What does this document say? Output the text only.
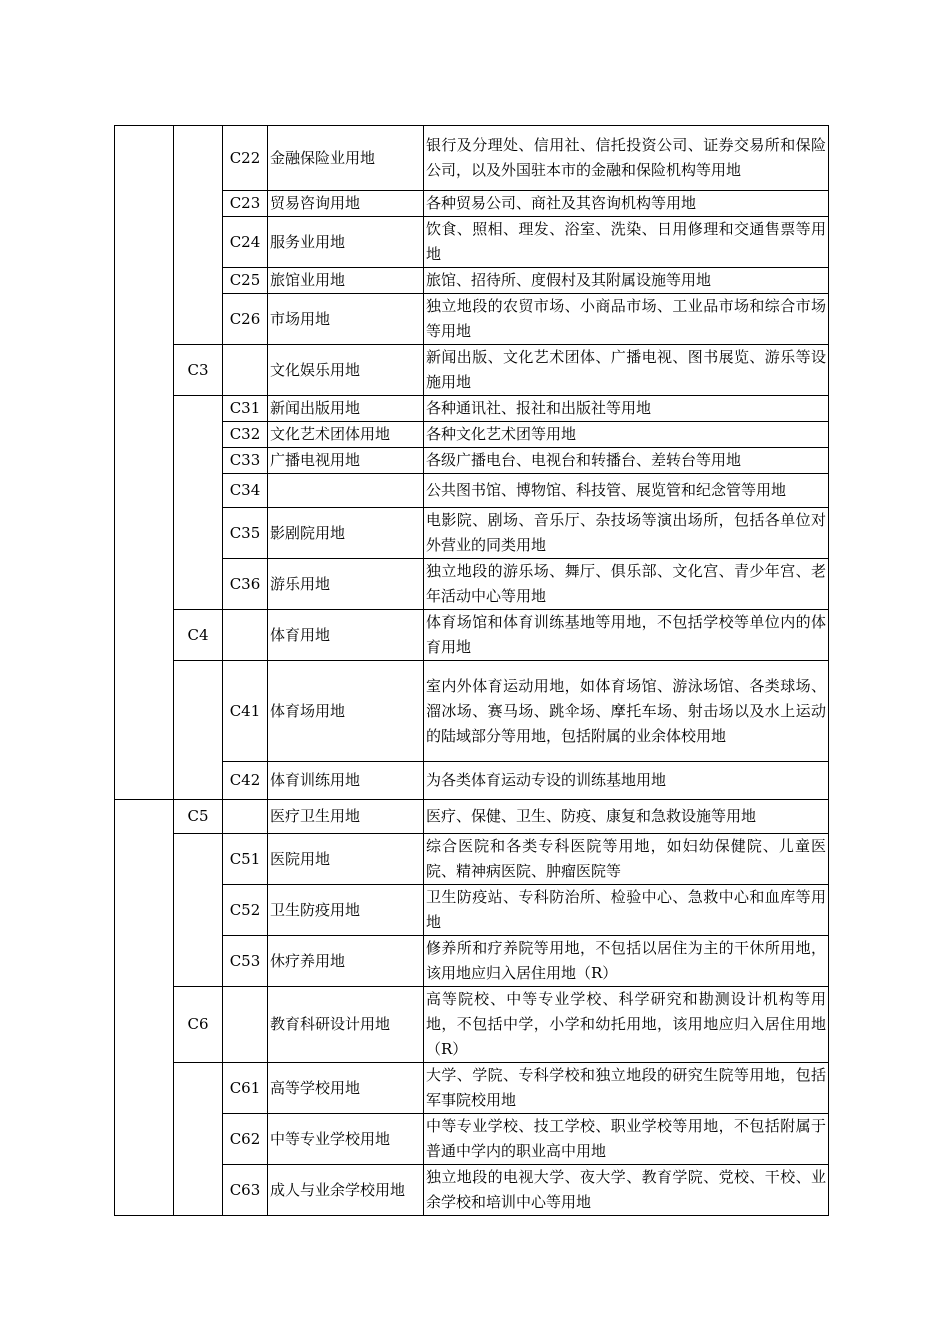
		C22	金融保险业用地	银行及分理处、信用社、信托投资公司、证券交易所和保险公司，以及外国驻本市的金融和保险机构等用地
		C23	贸易咨询用地	各种贸易公司、商社及其咨询机构等用地
		C24	服务业用地	饮食、照相、理发、浴室、洗染、日用修理和交通售票等用地
		C25	旅馆业用地	旅馆、招待所、度假村及其附属设施等用地
		C26	市场用地	独立地段的农贸市场、小商品市场、工业品市场和综合市场等用地
	C3		文化娱乐用地	新闻出版、文化艺术团体、广播电视、图书展览、游乐等设施用地
		C31	新闻出版用地	各种通讯社、报社和出版社等用地
		C32	文化艺术团体用地	各种文化艺术团等用地
		C33	广播电视用地	各级广播电台、电视台和转播台、差转台等用地
		C34		公共图书馆、博物馆、科技管、展览管和纪念管等用地
		C35	影剧院用地	电影院、剧场、音乐厅、杂技场等演出场所，包括各单位对外营业的同类用地
		C36	游乐用地	独立地段的游乐场、舞厅、俱乐部、文化宫、青少年宫、老年活动中心等用地
	C4		体育用地	体育场馆和体育训练基地等用地，不包括学校等单位内的体育用地
		C41	体育场用地	室内外体育运动用地，如体育场馆、游泳场馆、各类球场、溜冰场、赛马场、跳伞场、摩托车场、射击场以及水上运动的陆域部分等用地，包括附属的业余体校用地
		C42	体育训练用地	为各类体育运动专设的训练基地用地
	C5		医疗卫生用地	医疗、保健、卫生、防疫、康复和急救设施等用地
		C51	医院用地	综合医院和各类专科医院等用地，如妇幼保健院、儿童医院、精神病医院、肿瘤医院等
		C52	卫生防疫用地	卫生防疫站、专科防治所、检验中心、急救中心和血库等用地
		C53	休疗养用地	修养所和疗养院等用地，不包括以居住为主的干休所用地，该用地应归入居住用地（R）
	C6		教育科研设计用地	高等院校、中等专业学校、科学研究和勘测设计机构等用地，不包括中学，小学和幼托用地，该用地应归入居住用地（R）
		C61	高等学校用地	大学、学院、专科学校和独立地段的研究生院等用地，包括军事院校用地
		C62	中等专业学校用地	中等专业学校、技工学校、职业学校等用地，不包括附属于普通中学内的职业高中用地
		C63	成人与业余学校用地	独立地段的电视大学、夜大学、教育学院、党校、干校、业余学校和培训中心等用地
